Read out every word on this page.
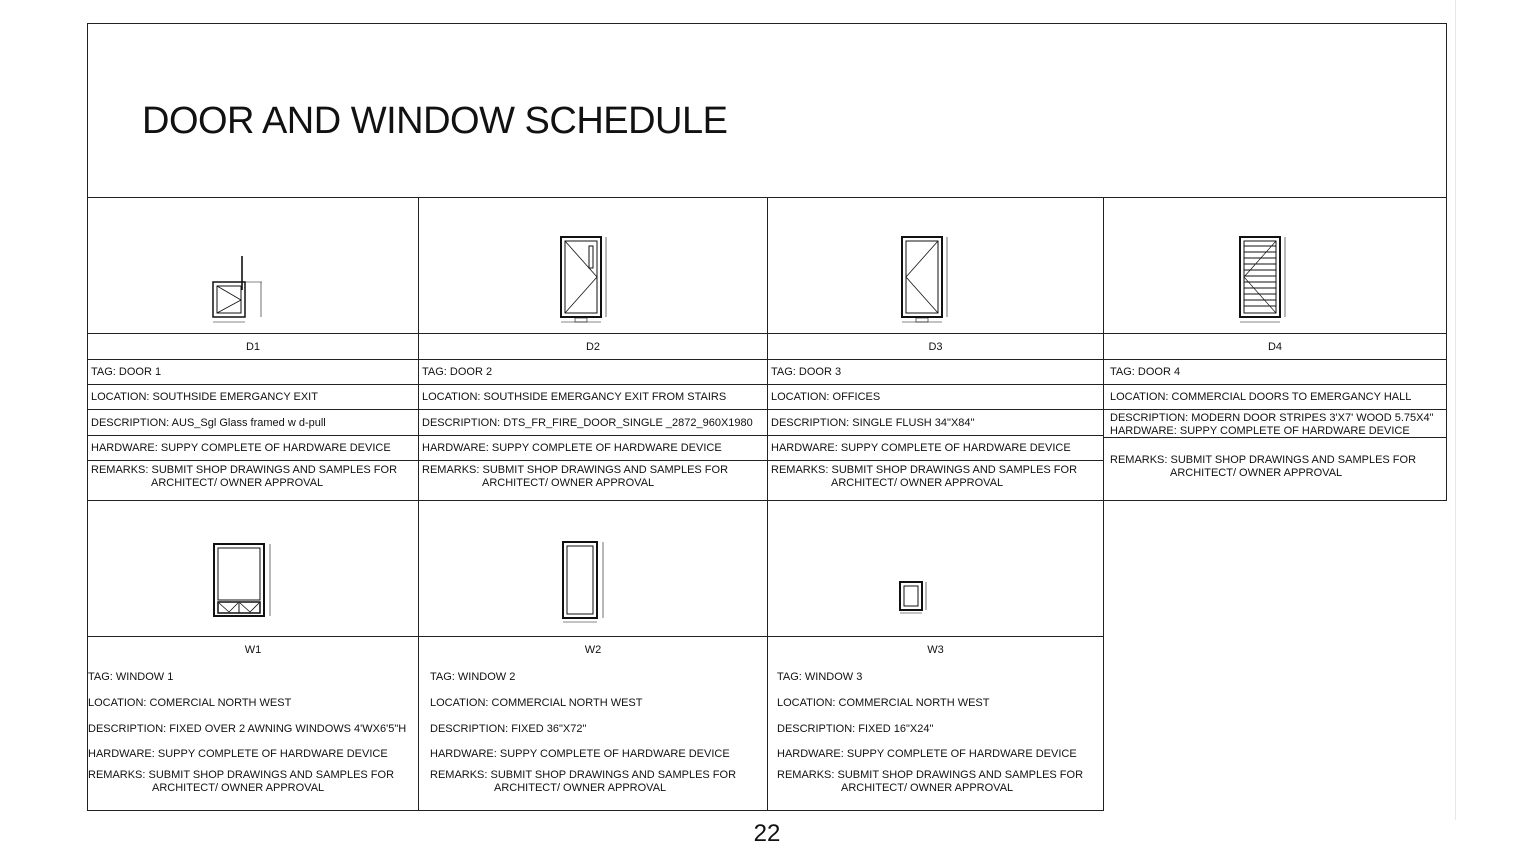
DOOR AND WINDOW SCHEDULE
D1
TAG: DOOR 1
LOCATION: SOUTHSIDE EMERGANCY EXIT
DESCRIPTION: AUS_Sgl Glass framed w d-pull
HARDWARE: SUPPY COMPLETE OF HARDWARE DEVICE
REMARKS: SUBMIT SHOP DRAWINGS AND SAMPLES FOR
ARCHITECT/ OWNER APPROVAL
D2
TAG: DOOR 2
LOCATION: SOUTHSIDE EMERGANCY EXIT FROM STAIRS
DESCRIPTION: DTS_FR_FIRE_DOOR_SINGLE _2872_960X1980
HARDWARE: SUPPY COMPLETE OF HARDWARE DEVICE
REMARKS: SUBMIT SHOP DRAWINGS AND SAMPLES FOR
ARCHITECT/ OWNER APPROVAL
D3
TAG: DOOR 3
LOCATION: OFFICES
DESCRIPTION: SINGLE FLUSH 34"X84"
HARDWARE: SUPPY COMPLETE OF HARDWARE DEVICE
REMARKS: SUBMIT SHOP DRAWINGS AND SAMPLES FOR
ARCHITECT/ OWNER APPROVAL
D4
TAG: DOOR 4
LOCATION: COMMERCIAL DOORS TO EMERGANCY HALL
DESCRIPTION: MODERN DOOR STRIPES 3'X7' WOOD 5.75X4"
HARDWARE: SUPPY COMPLETE OF HARDWARE DEVICE
REMARKS: SUBMIT SHOP DRAWINGS AND SAMPLES FOR
ARCHITECT/ OWNER APPROVAL
W1
TAG: WINDOW 1
LOCATION: COMERCIAL NORTH WEST
DESCRIPTION: FIXED OVER 2 AWNING WINDOWS 4'WX6'5"H
HARDWARE: SUPPY COMPLETE OF HARDWARE DEVICE
REMARKS: SUBMIT SHOP DRAWINGS AND SAMPLES FOR
ARCHITECT/ OWNER APPROVAL
W2
TAG: WINDOW 2
LOCATION: COMMERCIAL NORTH WEST
DESCRIPTION: FIXED 36"X72"
HARDWARE: SUPPY COMPLETE OF HARDWARE DEVICE
REMARKS: SUBMIT SHOP DRAWINGS AND SAMPLES FOR
ARCHITECT/ OWNER APPROVAL
W3
TAG: WINDOW 3
LOCATION: COMMERCIAL NORTH WEST
DESCRIPTION: FIXED 16"X24"
HARDWARE: SUPPY COMPLETE OF HARDWARE DEVICE
REMARKS: SUBMIT SHOP DRAWINGS AND SAMPLES FOR
ARCHITECT/ OWNER APPROVAL
22
